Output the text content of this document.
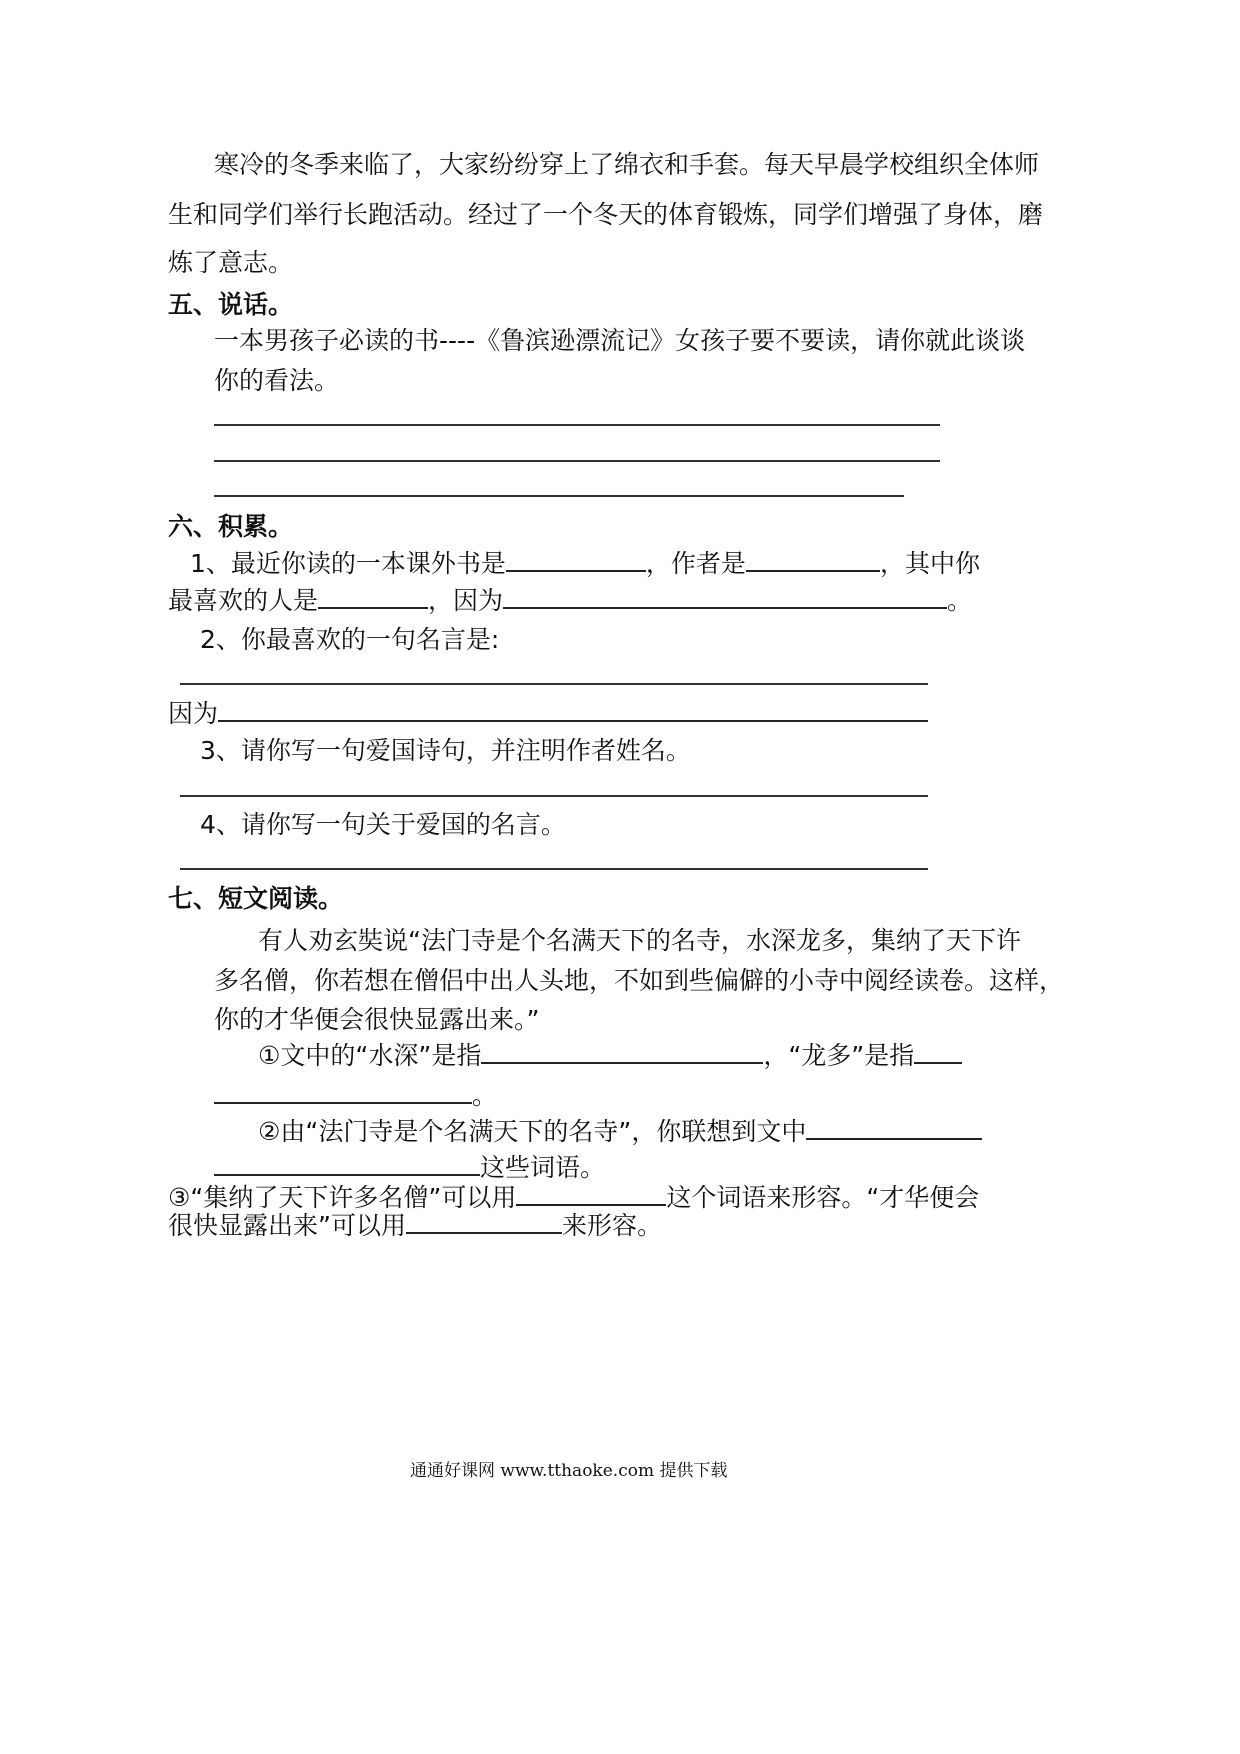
寒冷的冬季来临了，大家纷纷穿上了绵衣和手套。每天早晨学校组织全体师
生和同学们举行长跑活动。经过了一个冬天的体育锻炼，同学们增强了身体，磨
炼了意志。
五、说话。
一本男孩子必读的书----《鲁滨逊漂流记》女孩子要不要读，请你就此谈谈
你的看法。
六、积累。
1、最近你读的一本课外书是	，作者是	，其中你
最喜欢的人是	，因为	。
2、你最喜欢的一句名言是:
因为
3、请你写一句爱国诗句，并注明作者姓名。
4、请你写一句关于爱国的名言。
七、短文阅读。
有人劝玄奘说“法门寺是个名满天下的名寺，水深龙多，集纳了天下许
多名僧，你若想在僧侣中出人头地，不如到些偏僻的小寺中阅经读卷。这样，
你的才华便会很快显露出来。”
①文中的“水深”是指	，“龙多”是指
。
②由“法门寺是个名满天下的名寺”，你联想到文中
这些词语。
③“集纳了天下许多名僧”可以用	这个词语来形容。“才华便会
很快显露出来”可以用	来形容。
通通好课网 www.tthaoke.com 提供下载
